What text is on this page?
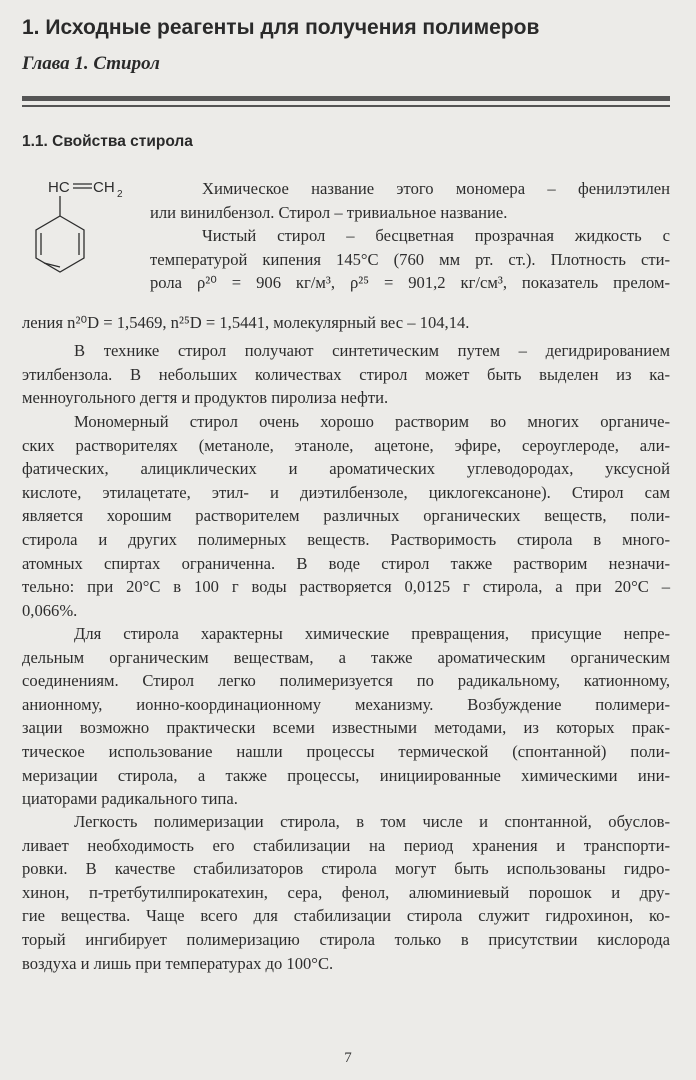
1. Исходные реагенты для получения полимеров
Глава 1. Стирол
1.1. Свойства стирола
HC CH 2	Химическое название этого мономера – фенилэтилен
или винилбензол. Стирол – тривиальное название.
Чистый стирол – бесцветная прозрачная жидкость с
температурой кипения 145°С (760 мм рт. ст.). Плотность сти-
рола ρ²⁰ = 906 кг/м³, ρ²⁵ = 901,2 кг/см³, показатель прелом-
ления n²⁰D = 1,5469, n²⁵D = 1,5441, молекулярный вес – 104,14.
В технике стирол получают синтетическим путем – дегидрированием
этилбензола. В небольших количествах стирол может быть выделен из ка-
менноугольного дегтя и продуктов пиролиза нефти.
Мономерный стирол очень хорошо растворим во многих органиче-
ских растворителях (метаноле, этаноле, ацетоне, эфире, сероуглероде, али-
фатических, алициклических и ароматических углеводородах, уксусной
кислоте, этилацетате, этил- и диэтилбензоле, циклогексаноне). Стирол сам
является хорошим растворителем различных органических веществ, поли-
стирола и других полимерных веществ. Растворимость стирола в много-
атомных спиртах ограниченна. В воде стирол также растворим незначи-
тельно: при 20°С в 100 г воды растворяется 0,0125 г стирола, а при 20°С –
0,066%.
Для стирола характерны химические превращения, присущие непре-
дельным органическим веществам, а также ароматическим органическим
соединениям. Стирол легко полимеризуется по радикальному, катионному,
анионному, ионно-координационному механизму. Возбуждение полимери-
зации возможно практически всеми известными методами, из которых прак-
тическое использование нашли процессы термической (спонтанной) поли-
меризации стирола, а также процессы, инициированные химическими ини-
циаторами радикального типа.
Легкость полимеризации стирола, в том числе и спонтанной, обуслов-
ливает необходимость его стабилизации на период хранения и транспорти-
ровки. В качестве стабилизаторов стирола могут быть использованы гидро-
хинон, п-третбутилпирокатехин, сера, фенол, алюминиевый порошок и дру-
гие вещества. Чаще всего для стабилизации стирола служит гидрохинон, ко-
торый ингибирует полимеризацию стирола только в присутствии кислорода
воздуха и лишь при температурах до 100°С.
7
